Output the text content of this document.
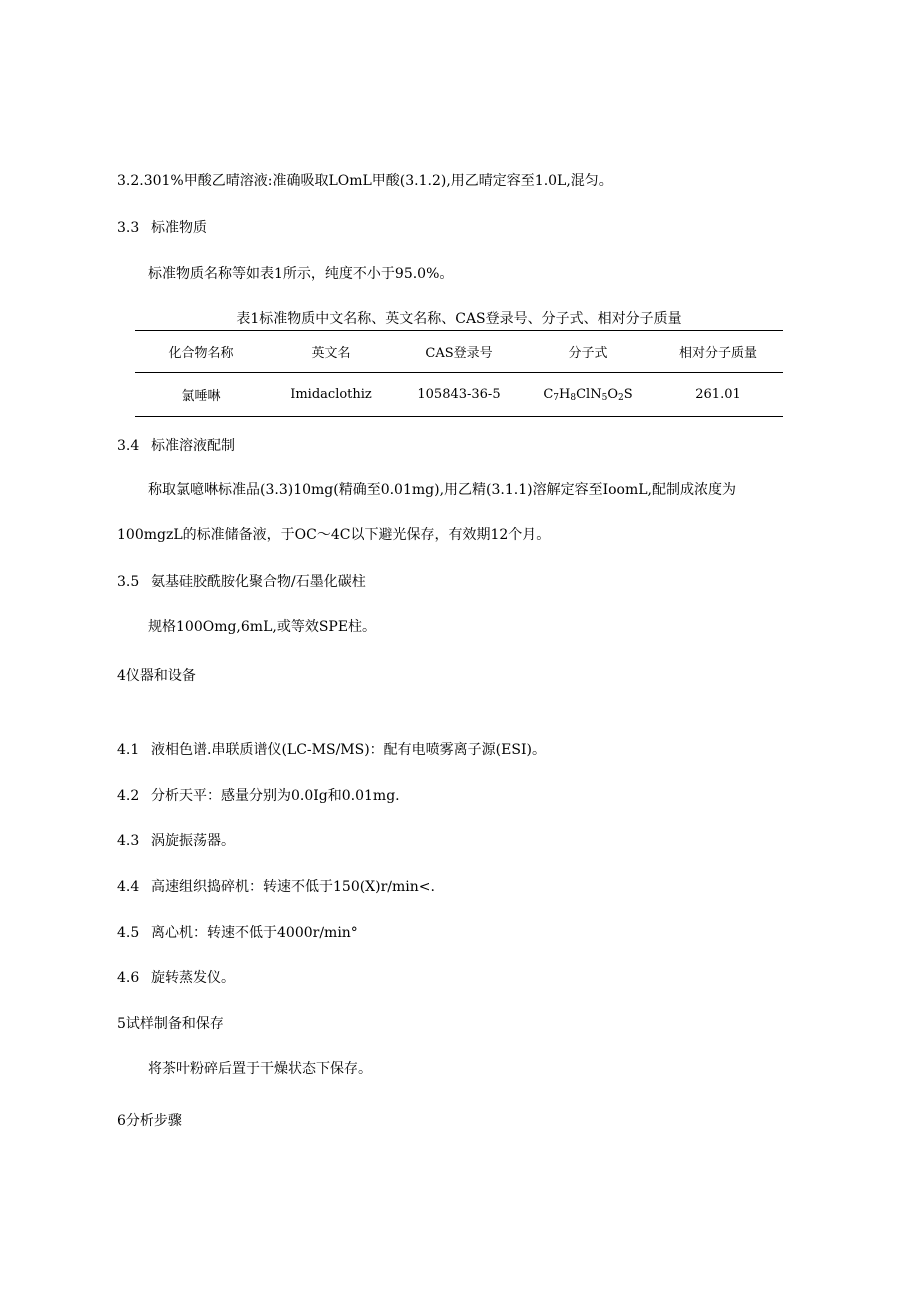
3.2.301%甲酸乙晴溶液:准确吸取LOmL甲酸(3.1.2),用乙晴定容至1.0L,混匀。
3.3 标准物质
标准物质名称等如表1所示，纯度不小于95.0%。
表1标准物质中文名称、英文名称、CAS登录号、分子式、相对分子质量
化合物名称	英文名	CAS登录号	分子式	相对分子质量
氯唾啉	Imidaclothiz	105843-36-5	$C_7H_8ClN_5O_2S$	261.01
3.4 标准溶液配制
称取氯噫啉标准品(3.3)10mg(精确至0.01mg),用乙精(3.1.1)溶解定容至IoomL,配制成浓度为
100mgzL的标准储备液，于OC〜4C以下避光保存，有效期12个月。
3.5 氨基硅胶酰胺化聚合物/石墨化碳柱
规格100Omg,6mL,或等效SPE柱。
4仪器和设备
4.1 液相色谱.串联质谱仪(LC-MS/MS)：配有电喷雾离子源(ESI)。
4.2 分析天平：感量分别为0.0Ig和0.01mg.
4.3 涡旋振荡器。
4.4 高速组织捣碎机：转速不低于150(X)r∕min<.
4.5 离心机：转速不低于4000r∕min°
4.6 旋转蒸发仪。
5试样制备和保存
将茶叶粉碎后置于干燥状态下保存。
6分析步骤
